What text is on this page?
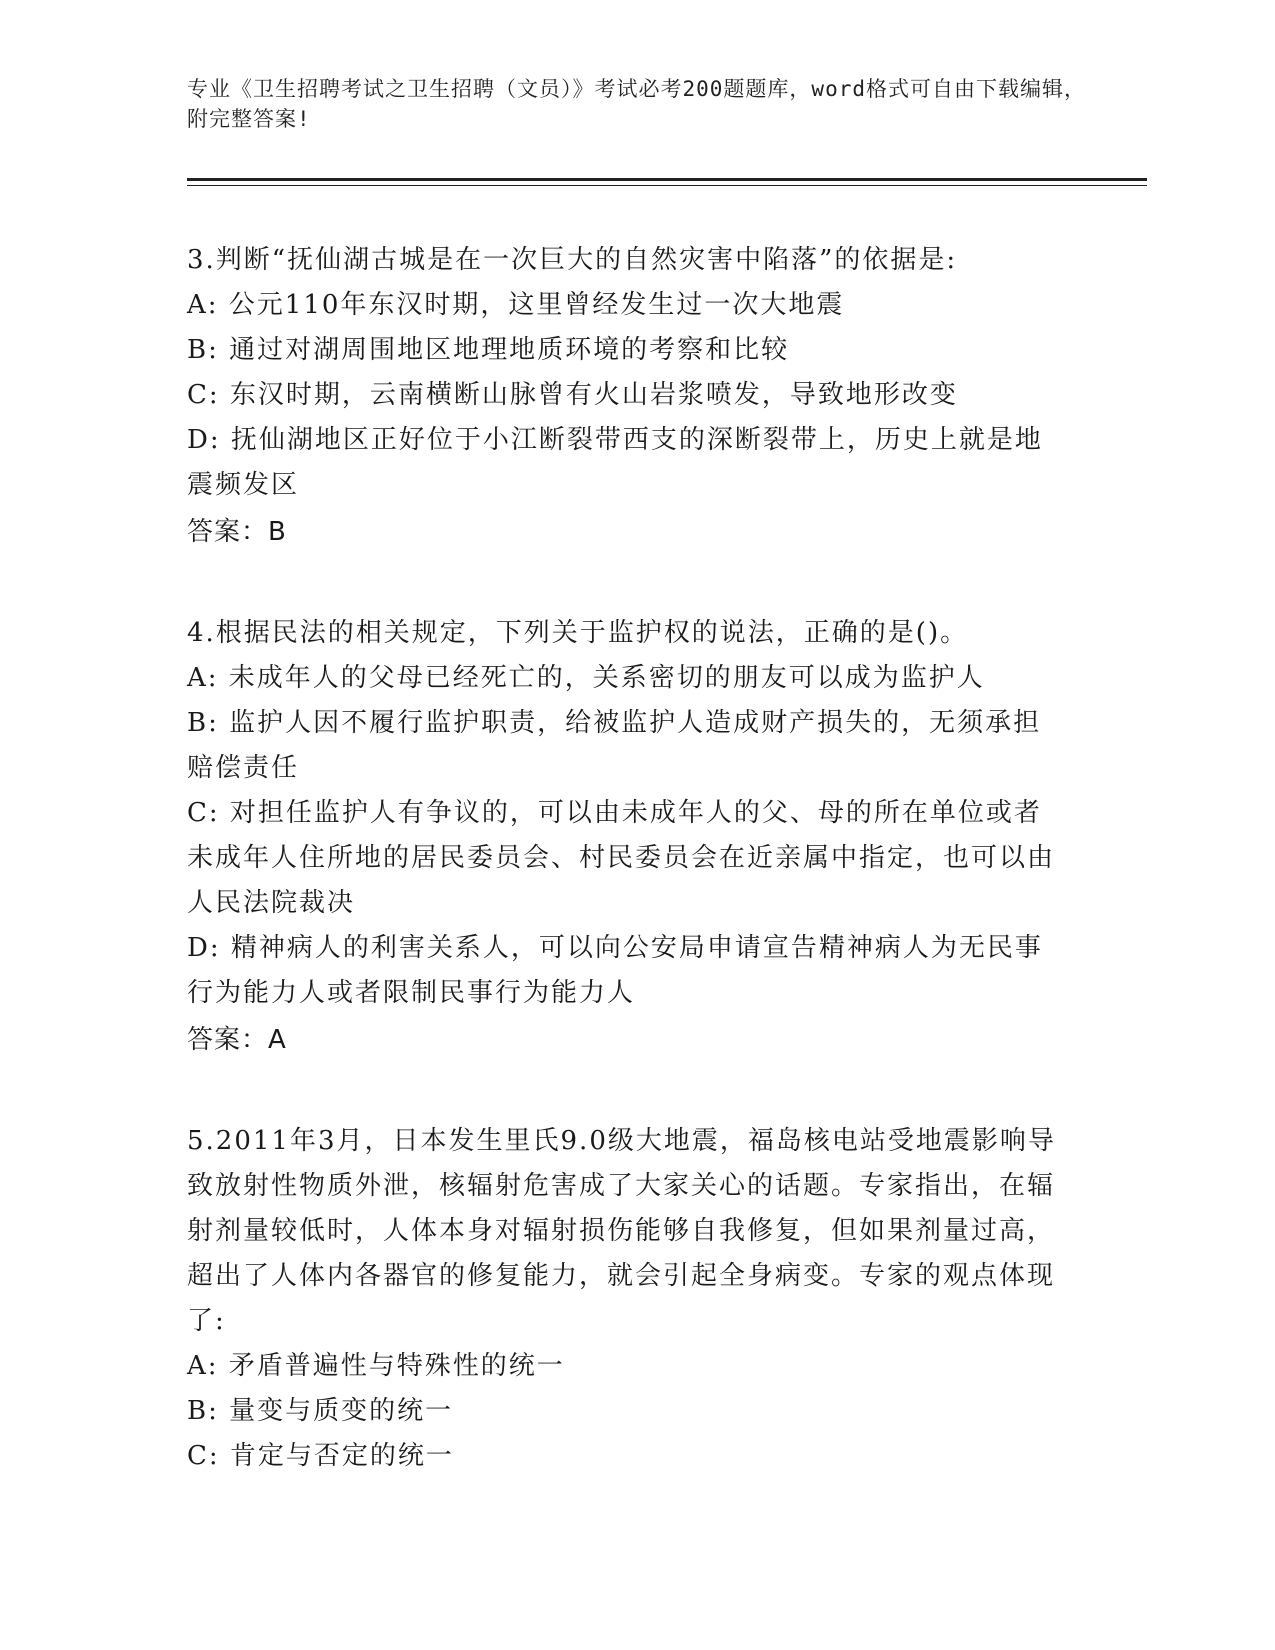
专业《卫生招聘考试之卫生招聘（文员）》考试必考200题题库，word格式可自由下载编辑，附完整答案!

3.判断“抚仙湖古城是在一次巨大的自然灾害中陷落”的依据是:

A: 公元110年东汉时期，这里曾经发生过一次大地震

B: 通过对湖周围地区地理地质环境的考察和比较

C: 东汉时期，云南横断山脉曾有火山岩浆喷发，导致地形改变

D: 抚仙湖地区正好位于小江断裂带西支的深断裂带上，历史上就是地震频发区

答案：B

4.根据民法的相关规定，下列关于监护权的说法，正确的是()。

A: 未成年人的父母已经死亡的，关系密切的朋友可以成为监护人

B: 监护人因不履行监护职责，给被监护人造成财产损失的，无须承担赔偿责任

C: 对担任监护人有争议的，可以由未成年人的父、母的所在单位或者未成年人住所地的居民委员会、村民委员会在近亲属中指定，也可以由人民法院裁决

D: 精神病人的利害关系人，可以向公安局申请宣告精神病人为无民事行为能力人或者限制民事行为能力人

答案：A

5.2011年3月，日本发生里氏9.0级大地震，福岛核电站受地震影响导致放射性物质外泄，核辐射危害成了大家关心的话题。专家指出，在辐射剂量较低时，人体本身对辐射损伤能够自我修复，但如果剂量过高，超出了人体内各器官的修复能力，就会引起全身病变。专家的观点体现了:

A: 矛盾普遍性与特殊性的统一

B: 量变与质变的统一

C: 肯定与否定的统一
